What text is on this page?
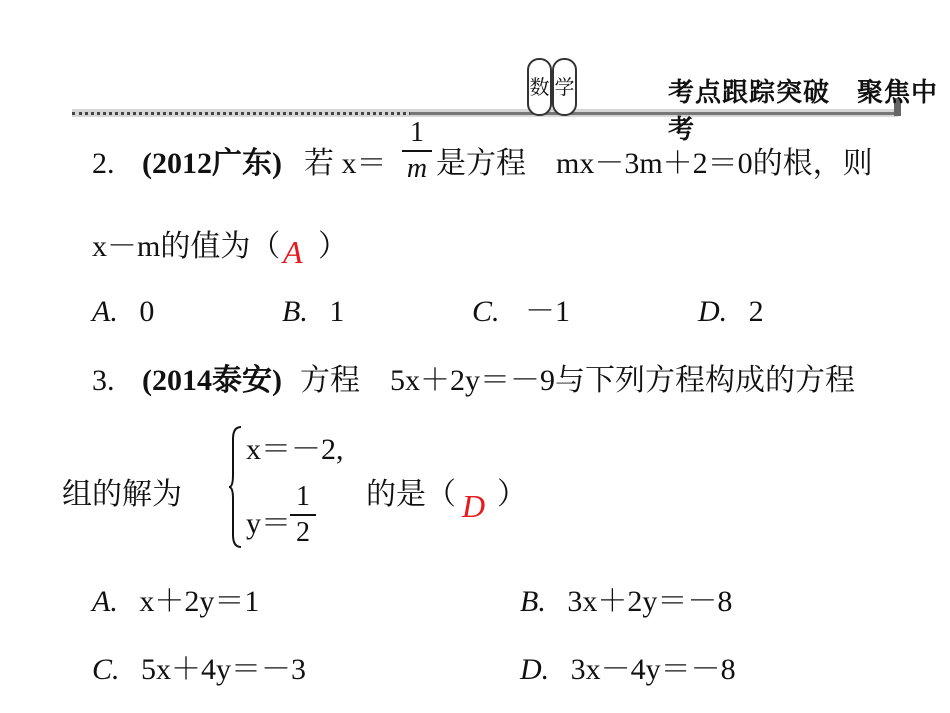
数 学	考点跟踪突破　聚焦中考
2. (2012广东) 若 x＝
1
m 是方程　mx－3m＋2＝0的根，则
x－m的值为（ A ）
A. 0	B. 1	C. －1	D. 2
3. (2014泰安) 方程　5x＋2y＝－9与下列方程构成的方程
组的解为
x＝－2,
y＝
1
2
的是（ D ）
A. x＋2y＝1	B. 3x＋2y＝－8
C. 5x＋4y＝－3	D. 3x－4y＝－8
